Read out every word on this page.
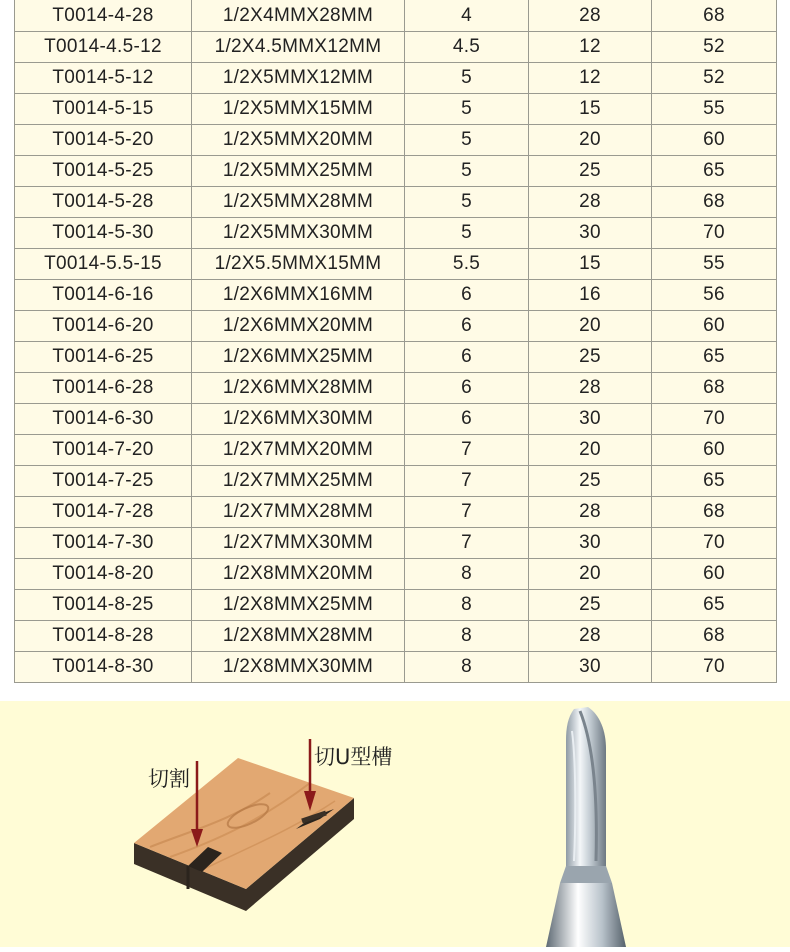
T0014-4-28	1/2X4MMX28MM	4	28	68
T0014-4.5-12	1/2X4.5MMX12MM	4.5	12	52
T0014-5-12	1/2X5MMX12MM	5	12	52
T0014-5-15	1/2X5MMX15MM	5	15	55
T0014-5-20	1/2X5MMX20MM	5	20	60
T0014-5-25	1/2X5MMX25MM	5	25	65
T0014-5-28	1/2X5MMX28MM	5	28	68
T0014-5-30	1/2X5MMX30MM	5	30	70
T0014-5.5-15	1/2X5.5MMX15MM	5.5	15	55
T0014-6-16	1/2X6MMX16MM	6	16	56
T0014-6-20	1/2X6MMX20MM	6	20	60
T0014-6-25	1/2X6MMX25MM	6	25	65
T0014-6-28	1/2X6MMX28MM	6	28	68
T0014-6-30	1/2X6MMX30MM	6	30	70
T0014-7-20	1/2X7MMX20MM	7	20	60
T0014-7-25	1/2X7MMX25MM	7	25	65
T0014-7-28	1/2X7MMX28MM	7	28	68
T0014-7-30	1/2X7MMX30MM	7	30	70
T0014-8-20	1/2X8MMX20MM	8	20	60
T0014-8-25	1/2X8MMX25MM	8	25	65
T0014-8-28	1/2X8MMX28MM	8	28	68
T0014-8-30	1/2X8MMX30MM	8	30	70
切割
切U型槽
